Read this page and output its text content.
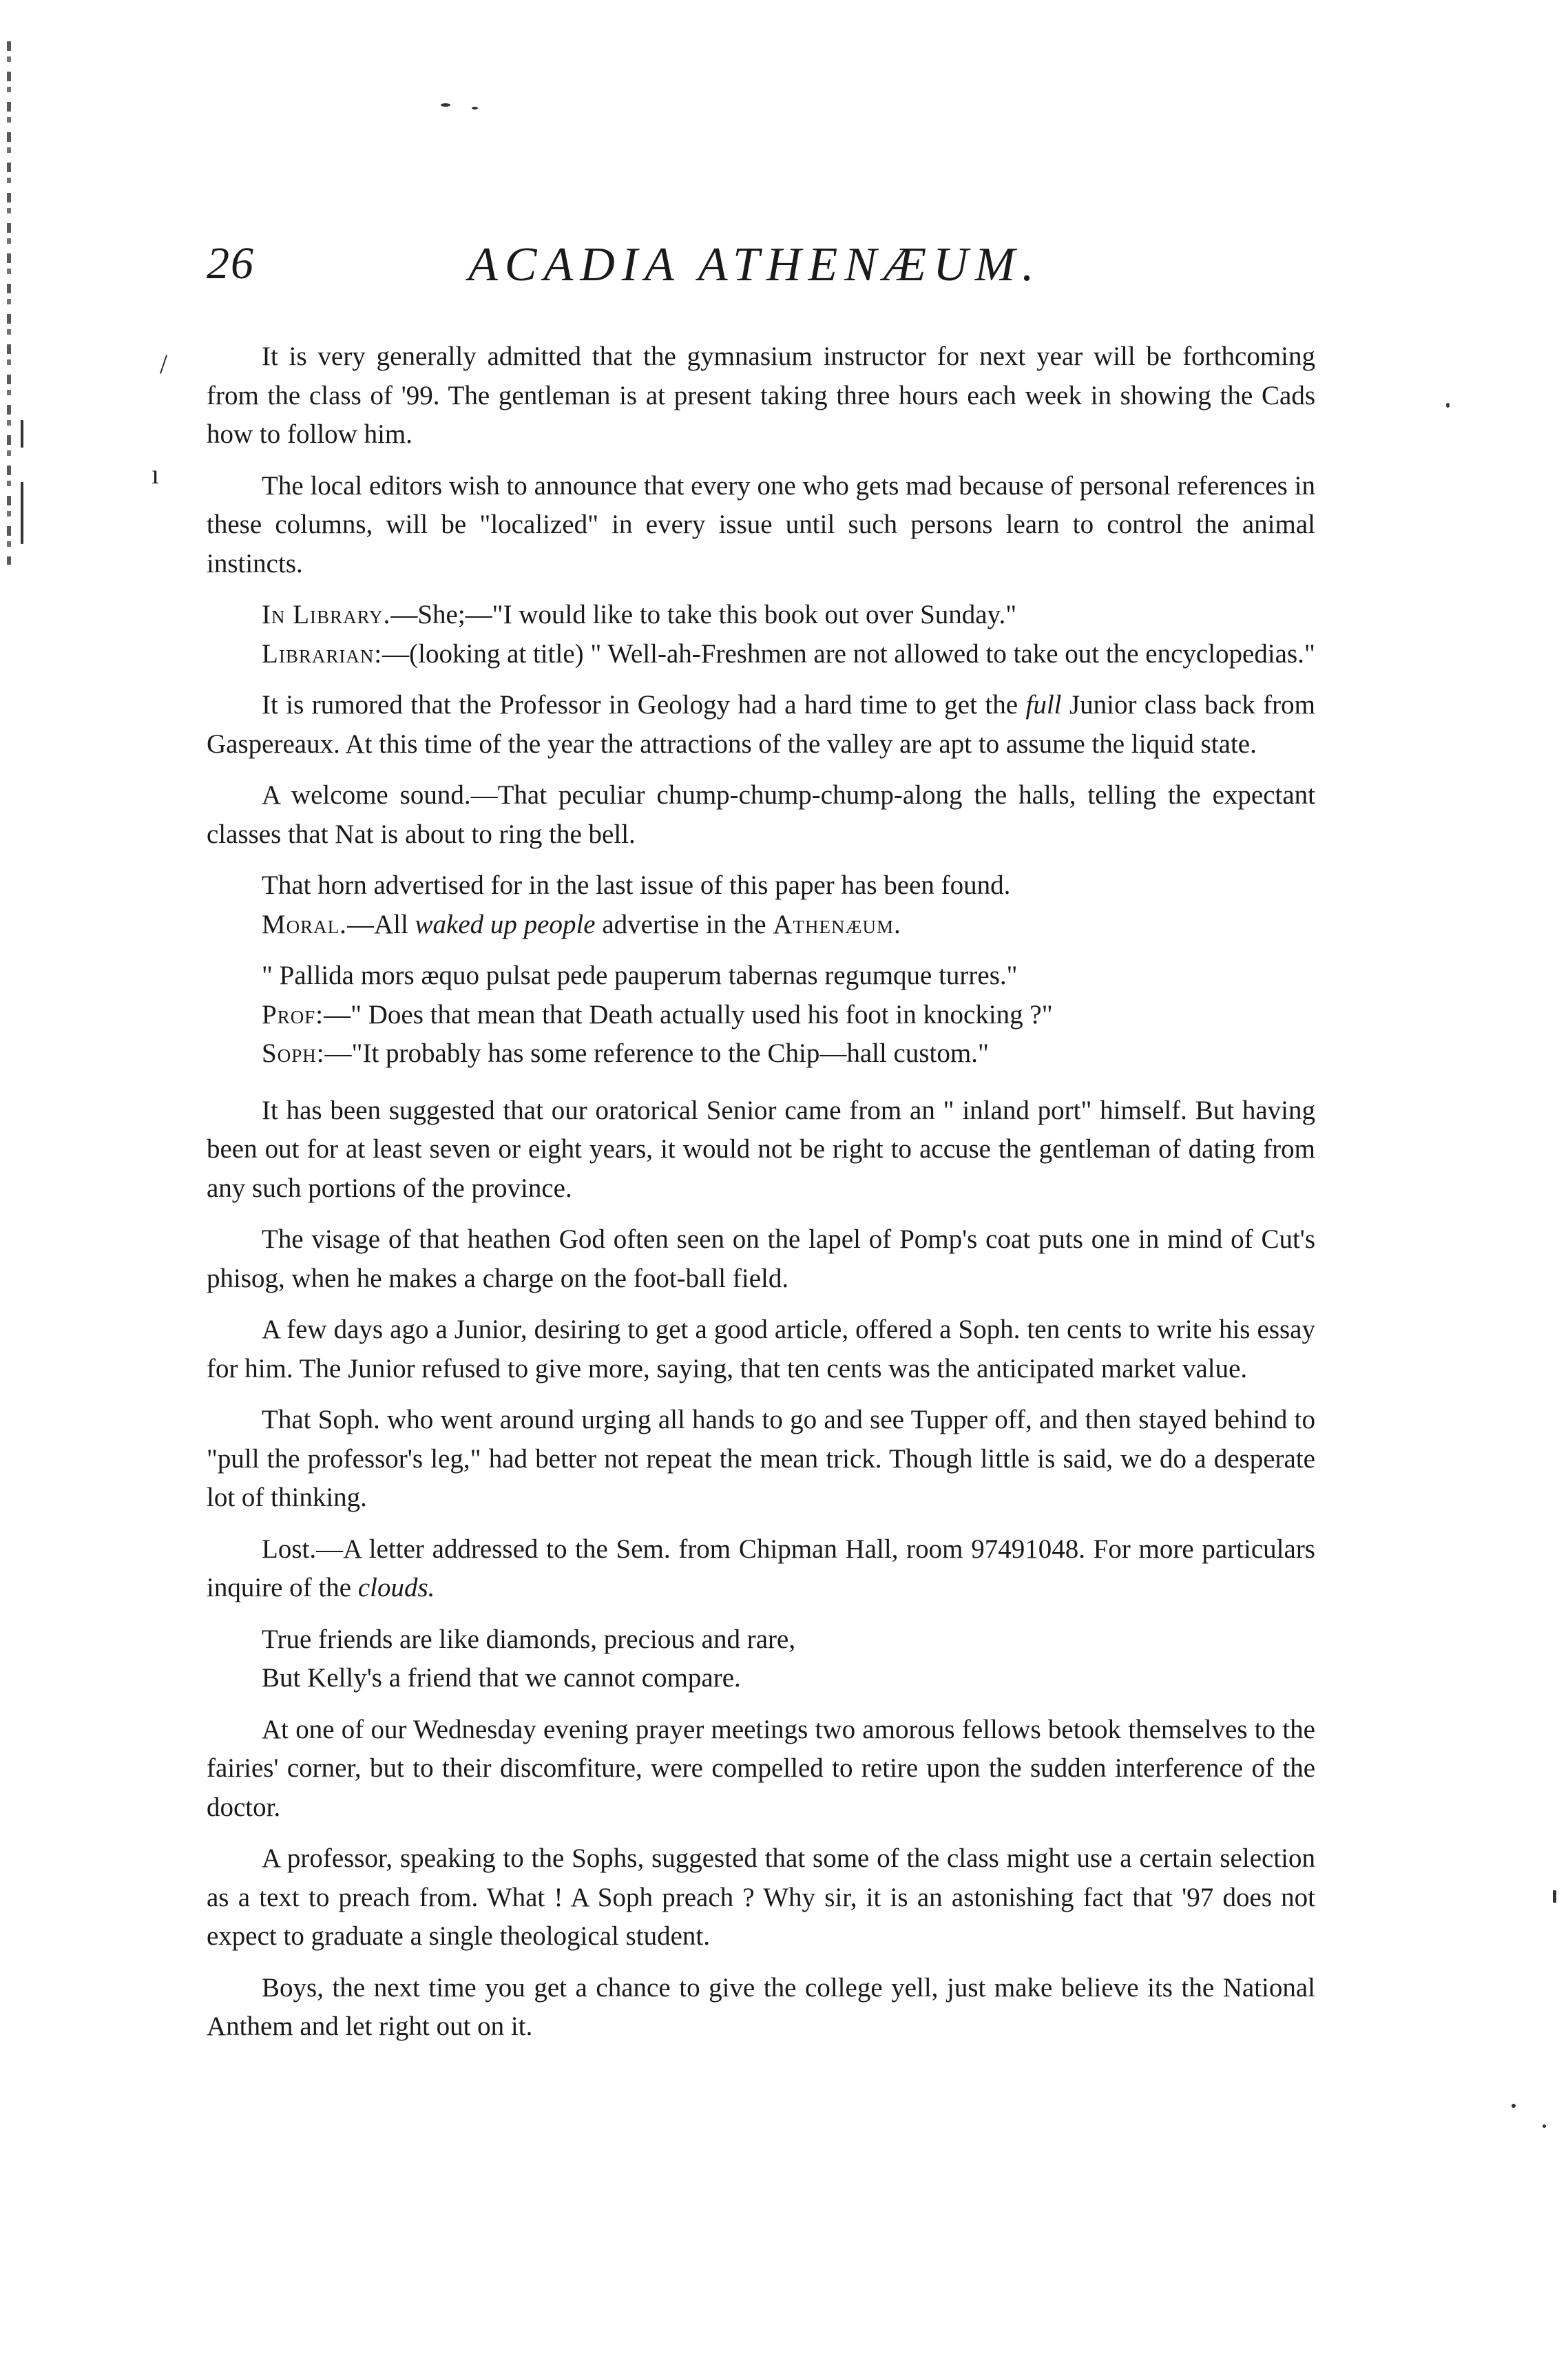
/
ı
26	ACADIA ATHENÆUM.

It is very generally admitted that the gymnasium instructor for next year will be forthcoming from the class of '99. The gentleman is at present taking three hours each week in showing the Cads how to follow him.

The local editors wish to announce that every one who gets mad because of personal references in these columns, will be "localized" in every issue until such persons learn to control the animal instincts.

In Library.—She;—"I would like to take this book out over Sunday."

Librarian:—(looking at title) " Well-ah-Freshmen are not allowed to take out the encyclopedias."

It is rumored that the Professor in Geology had a hard time to get the full Junior class back from Gaspereaux. At this time of the year the attractions of the valley are apt to assume the liquid state.

A welcome sound.—That peculiar chump-chump-chump-along the halls, telling the expectant classes that Nat is about to ring the bell.

That horn advertised for in the last issue of this paper has been found.

Moral.—All waked up people advertise in the Athenæum.

" Pallida mors æquo pulsat pede pauperum tabernas regumque turres."

Prof:—" Does that mean that Death actually used his foot in knocking ?"

Soph:—"It probably has some reference to the Chip—hall custom."

It has been suggested that our oratorical Senior came from an " inland port" himself. But having been out for at least seven or eight years, it would not be right to accuse the gentleman of dating from any such portions of the province.

The visage of that heathen God often seen on the lapel of Pomp's coat puts one in mind of Cut's phisog, when he makes a charge on the foot-ball field.

A few days ago a Junior, desiring to get a good article, offered a Soph. ten cents to write his essay for him. The Junior refused to give more, saying, that ten cents was the anticipated market value.

That Soph. who went around urging all hands to go and see Tupper off, and then stayed behind to "pull the professor's leg," had better not repeat the mean trick. Though little is said, we do a desperate lot of thinking.

Lost.—A letter addressed to the Sem. from Chipman Hall, room 97491048. For more particulars inquire of the clouds.

True friends are like diamonds, precious and rare,

But Kelly's a friend that we cannot compare.

At one of our Wednesday evening prayer meetings two amorous fellows betook themselves to the fairies' corner, but to their discomfiture, were compelled to retire upon the sudden interference of the doctor.

A professor, speaking to the Sophs, suggested that some of the class might use a certain selection as a text to preach from. What ! A Soph preach ? Why sir, it is an astonishing fact that '97 does not expect to graduate a single theological student.

Boys, the next time you get a chance to give the college yell, just make believe its the National Anthem and let right out on it.
